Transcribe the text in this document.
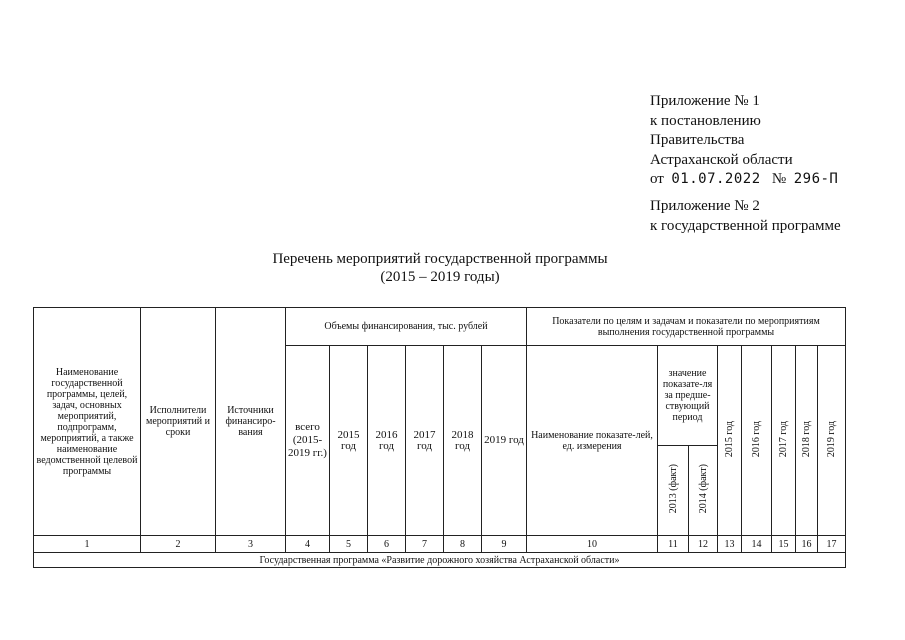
Приложение № 1
к постановлению
Правительства
Астраханской области
от 01.07.2022 № 296-П
Приложение № 2
к государственной программе
Перечень мероприятий государственной программы
(2015 – 2019 годы)
Наименование государственной программы, целей, задач, основных мероприятий, подпрограмм, мероприятий, а также наименование ведомственной целевой программы	Исполнители мероприятий и сроки	Источники финансиро-вания	Объемы финансирования, тыс. рублей						Показатели по целям и задачам и показатели по мероприятиям выполнения государственной программы							
			всего (2015-2019 гг.)	2015 год	2016 год	2017 год	2018 год	2019 год	Наименование показате-лей, ед. измерения	значение показате-ля за предше-ствующий период		2015 год	2016 год	2017 год	2018 год	2019 год
										2013 (факт)	2014 (факт)					
1	2	3	4	5	6	7	8	9	10	11	12	13	14	15	16	17
Государственная программа «Развитие дорожного хозяйства Астраханской области»																
